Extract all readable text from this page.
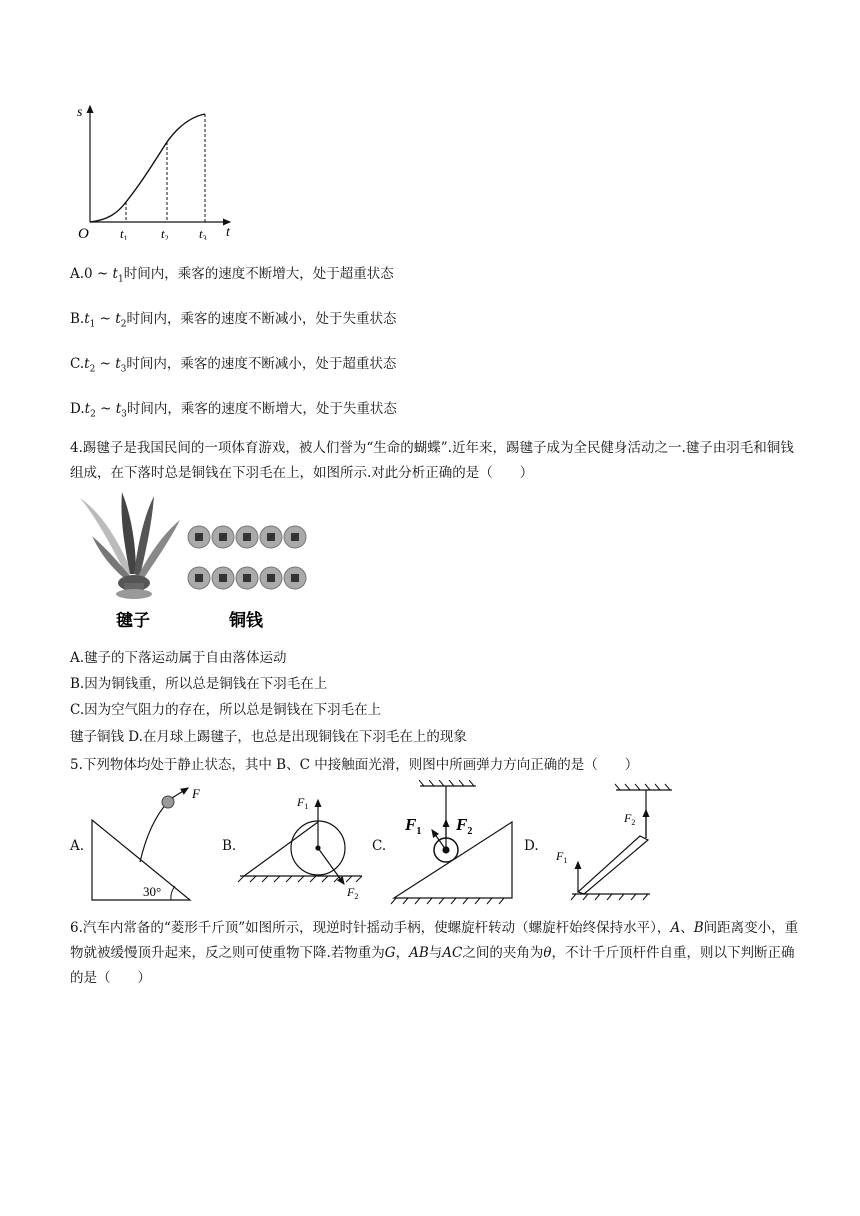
s
t
O $t_1$	$t_2$ $t_3$
A.0 ~ $t_1$时间内，乘客的速度不断增大，处于超重状态
$B.t_1$ ~ $t_2$时间内，乘客的速度不断减小，处于失重状态
$C.t_2$ ~ $t_3$时间内，乘客的速度不断减小，处于超重状态
$D.t_2$ ~ $t_3$时间内，乘客的速度不断增大，处于失重状态
4.踢毽子是我国民间的一项体育游戏，被人们誉为“生命的蝴蝶”.近年来，踢毽子成为全民健身活动之一.毽子由羽毛和铜钱组成，在下落时总是铜钱在下羽毛在上，如图所示.对此分析正确的是（　　）
毽子	铜钱
A.毽子的下落运动属于自由落体运动
B.因为铜钱重，所以总是铜钱在下羽毛在上
C.因为空气阻力的存在，所以总是铜钱在下羽毛在上
毽子铜钱 D.在月球上踢毽子，也总是出现铜钱在下羽毛在上的现象
5.下列物体均处于静止状态，其中 B、C 中接触面光滑，则图中所画弹力方向正确的是（　　）
A.	B.	C.	D.
F
30°
$F_1$
$F_2$
$F_1$ $F_2$
$F_2$
$F_1$
6.汽车内常备的“菱形千斤顶”如图所示，现逆时针摇动手柄，使螺旋杆转动（螺旋杆始终保持水平），A、B间距离变小，重物就被缓慢顶升起来，反之则可使重物下降.若物重为G，AB与AC之间的夹角为θ，不计千斤顶杆件自重，则以下判断正确的是（　　）
